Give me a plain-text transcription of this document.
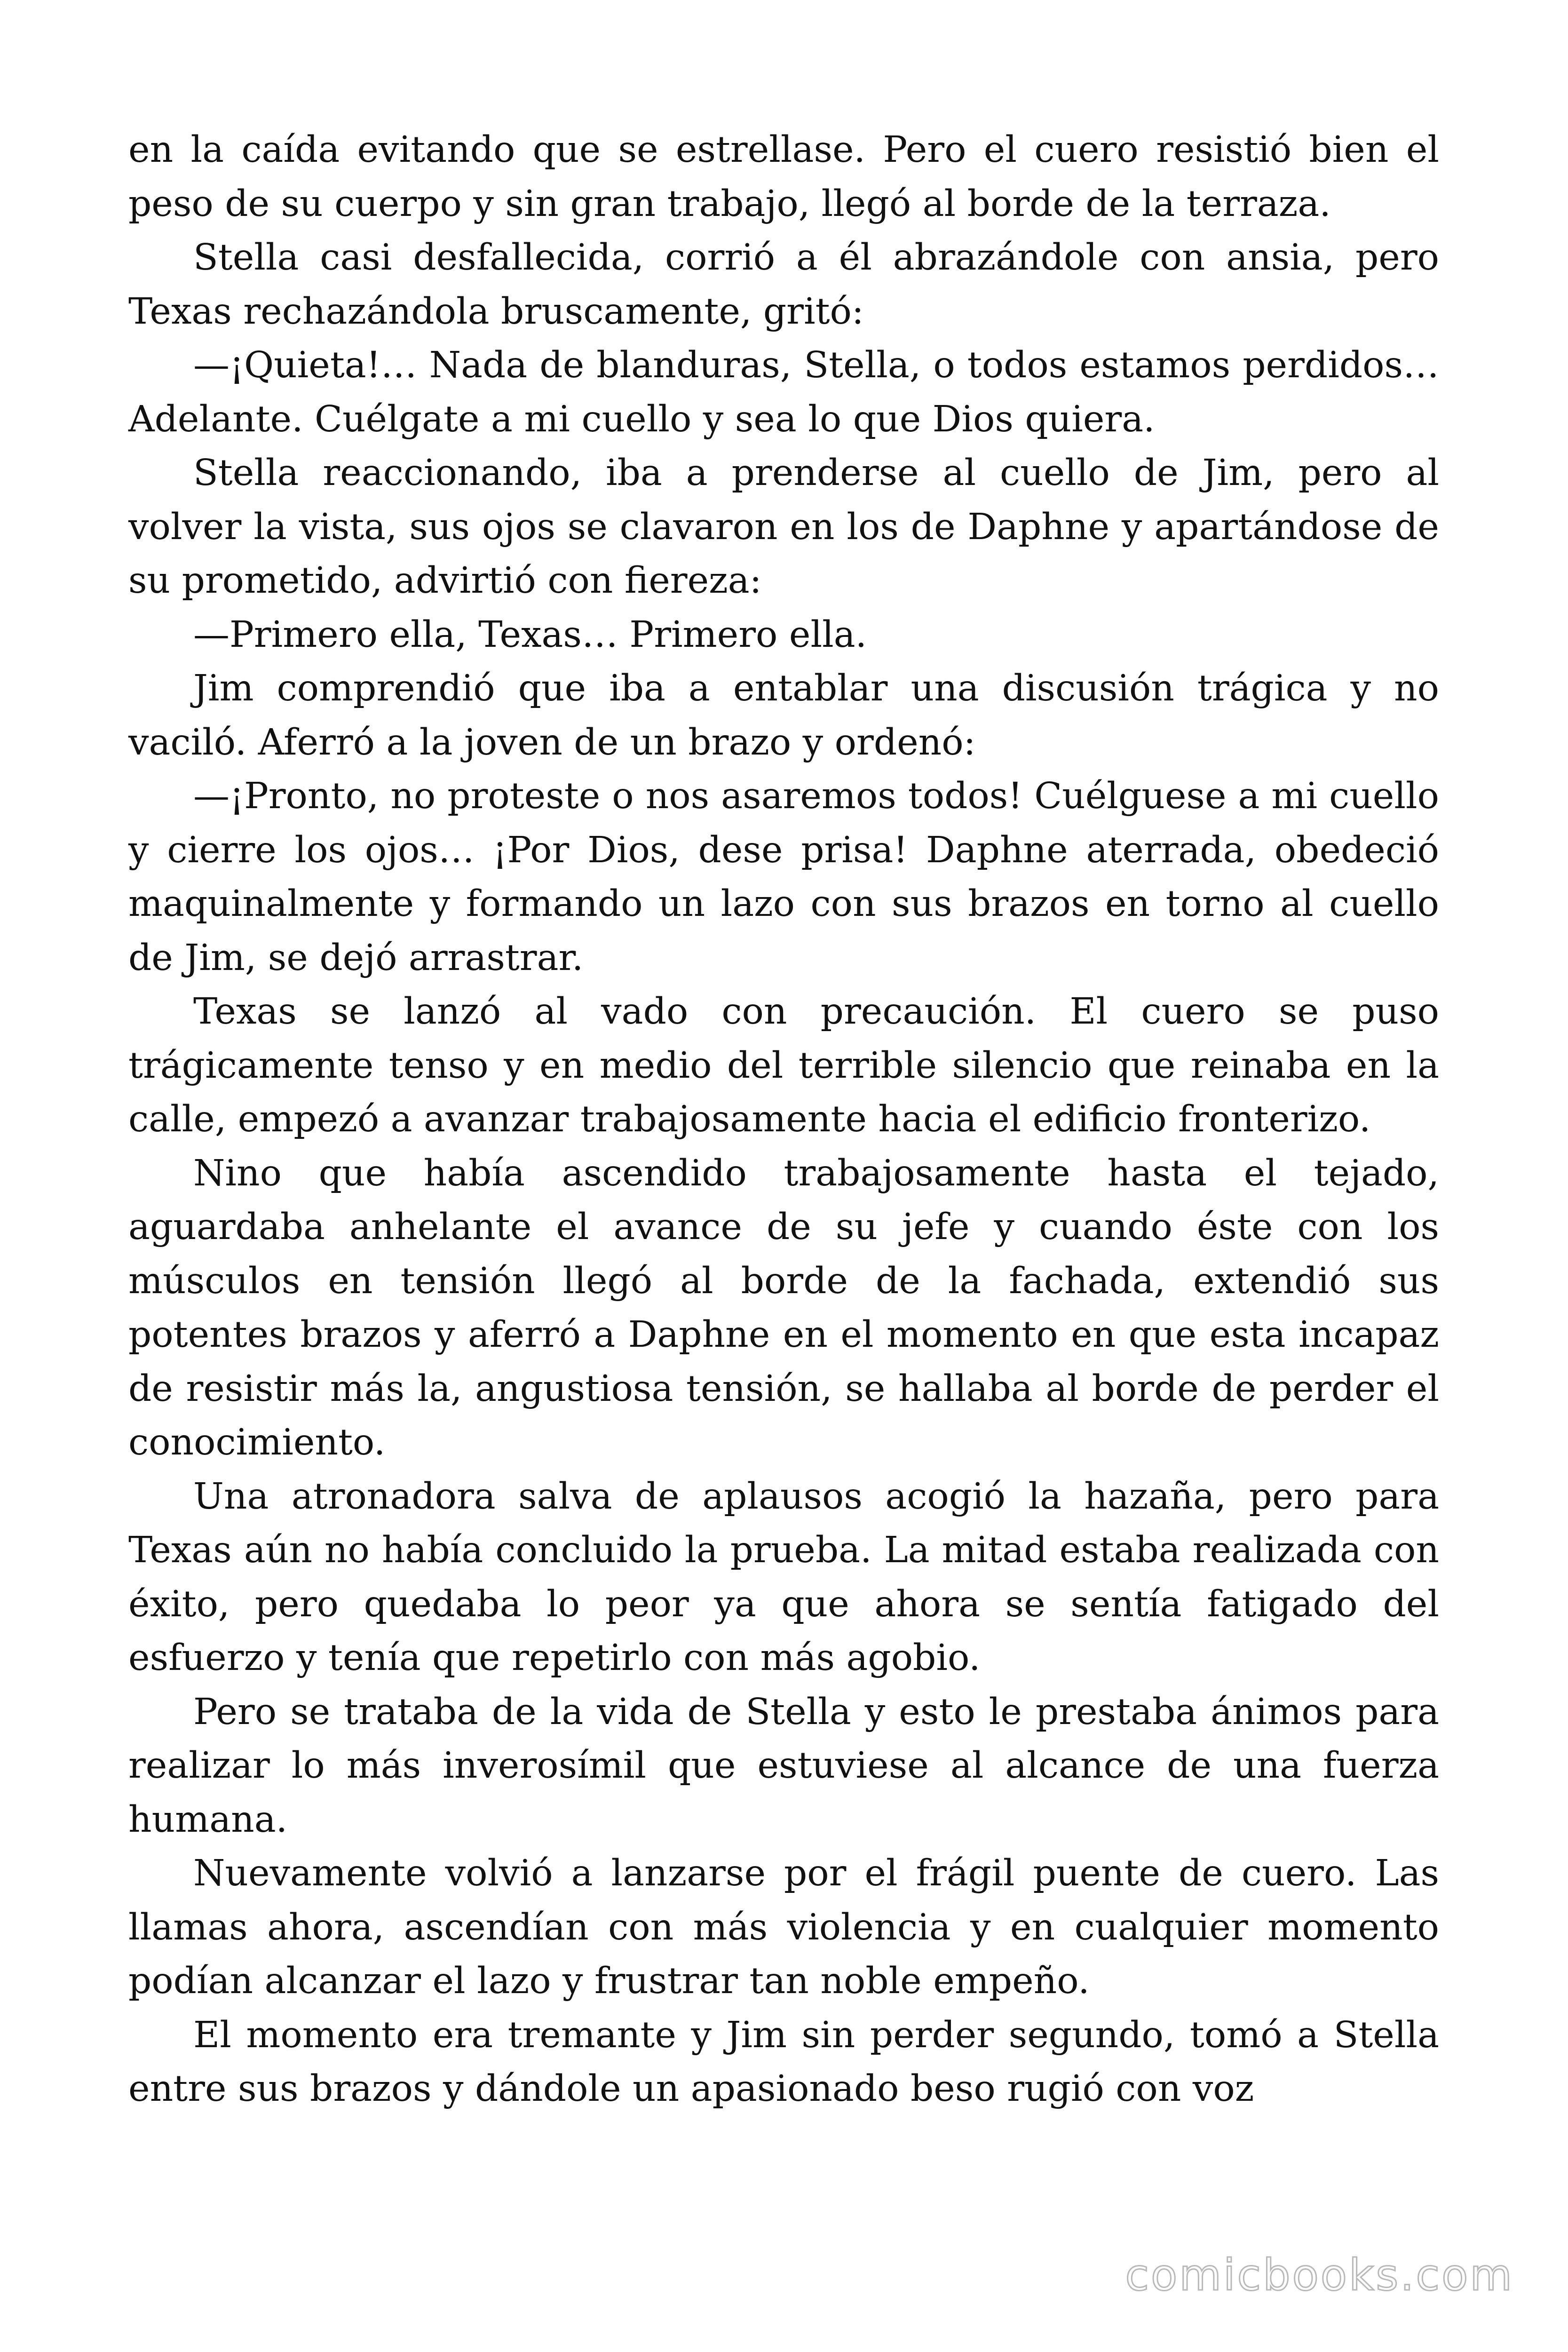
en la caída evitando que se estrellase. Pero el cuero resistió bien el peso de su cuerpo y sin gran trabajo, llegó al borde de la terraza.

Stella casi desfallecida, corrió a él abrazándole con ansia, pero Texas rechazándola bruscamente, gritó:

—¡Quieta!… Nada de blanduras, Stella, o todos estamos perdidos… Adelante. Cuélgate a mi cuello y sea lo que Dios quiera.

Stella reaccionando, iba a prenderse al cuello de Jim, pero al volver la vista, sus ojos se clavaron en los de Daphne y apartándose de su prometido, advirtió con fiereza:

—Primero ella, Texas… Primero ella.

Jim comprendió que iba a entablar una discusión trágica y no vaciló. Aferró a la joven de un brazo y ordenó:

—¡Pronto, no proteste o nos asaremos todos! Cuélguese a mi cuello y cierre los ojos… ¡Por Dios, dese prisa! Daphne aterrada, obedeció maquinalmente y formando un lazo con sus brazos en torno al cuello de Jim, se dejó arrastrar.

Texas se lanzó al vado con precaución. El cuero se puso trágicamente tenso y en medio del terrible silencio que reinaba en la calle, empezó a avanzar trabajosamente hacia el edificio fronterizo.

Nino que había ascendido trabajosamente hasta el tejado, aguardaba anhelante el avance de su jefe y cuando éste con los músculos en tensión llegó al borde de la fachada, extendió sus potentes brazos y aferró a Daphne en el momento en que esta incapaz de resistir más la, angustiosa tensión, se hallaba al borde de perder el conocimiento.

Una atronadora salva de aplausos acogió la hazaña, pero para Texas aún no había concluido la prueba. La mitad estaba realizada con éxito, pero quedaba lo peor ya que ahora se sentía fatigado del esfuerzo y tenía que repetirlo con más agobio.

Pero se trataba de la vida de Stella y esto le prestaba ánimos para realizar lo más inverosímil que estuviese al alcance de una fuerza humana.

Nuevamente volvió a lanzarse por el frágil puente de cuero. Las llamas ahora, ascendían con más violencia y en cualquier momento podían alcanzar el lazo y frustrar tan noble empeño.

El momento era tremante y Jim sin perder segundo, tomó a Stella entre sus brazos y dándole un apasionado beso rugió con voz

comicbooks.com
